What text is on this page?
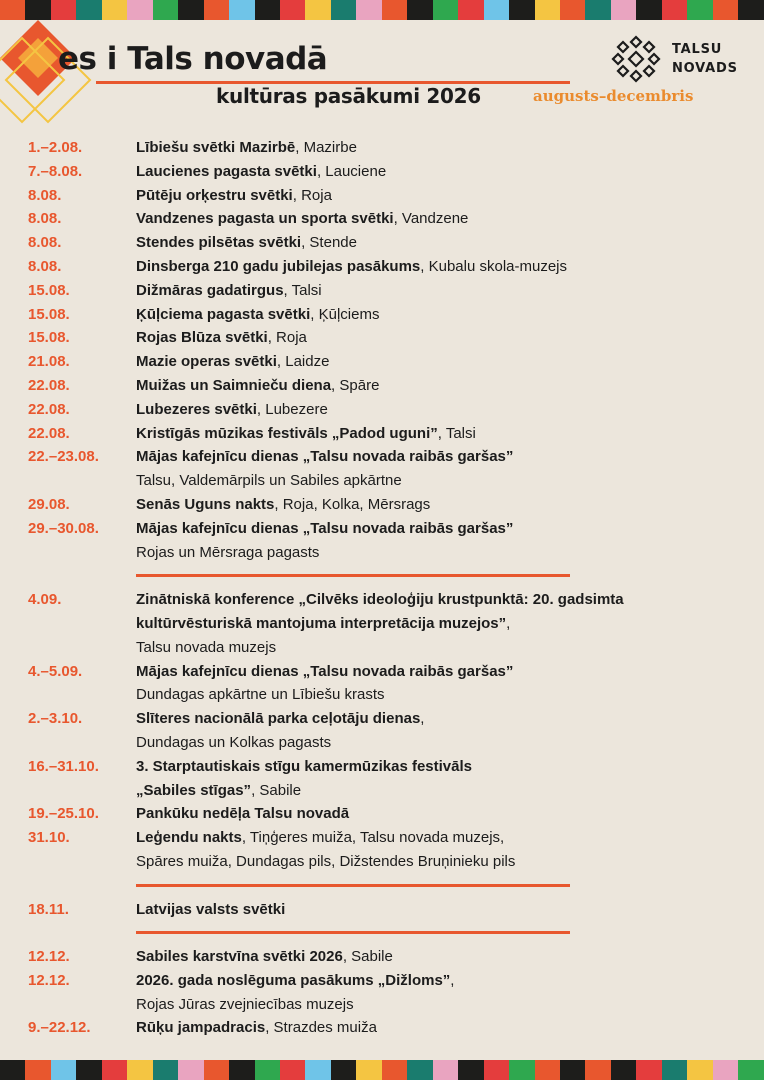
es i Tals novadā
kultūras pasākumi 2026	augusts–decembris
TALSU
NOVADS
1.–2.08.	Lībiešu svētki Mazirbē, Mazirbe
7.–8.08.	Laucienes pagasta svētki, Lauciene
8.08.	Pūtēju orķestru svētki, Roja
8.08.	Vandzenes pagasta un sporta svētki, Vandzene
8.08.	Stendes pilsētas svētki, Stende
8.08.	Dinsberga 210 gadu jubilejas pasākums, Kubalu skola-muzejs
15.08.	Dižmāras gadatirgus, Talsi
15.08.	Ķūļciema pagasta svētki, Ķūļciems
15.08.	Rojas Blūza svētki, Roja
21.08.	Mazie operas svētki, Laidze
22.08.	Muižas un Saimnieču diena, Spāre
22.08.	Lubezeres svētki, Lubezere
22.08.	Kristīgās mūzikas festivāls „Padod uguni”, Talsi
22.–23.08. Mājas kafejnīcu dienas „Talsu novada raibās garšas”
Talsu, Valdemārpils un Sabiles apkārtne
29.08.	Senās Uguns nakts, Roja, Kolka, Mērsrags
29.–30.08. Mājas kafejnīcu dienas „Talsu novada raibās garšas”
Rojas un Mērsraga pagasts
4.09.	Zinātniskā konference „Cilvēks ideoloģiju krustpunktā: 20. gadsimta
kultūrvēsturiskā mantojuma interpretācija muzejos”,
Talsu novada muzejs
4.–5.09.	Mājas kafejnīcu dienas „Talsu novada raibās garšas”
Dundagas apkārtne un Lībiešu krasts
2.–3.10.	Slīteres nacionālā parka ceļotāju dienas,
Dundagas un Kolkas pagasts
16.–31.10. 3. Starptautiskais stīgu kamermūzikas festivāls
„Sabiles stīgas”, Sabile
19.–25.10. Pankūku nedēļa Talsu novadā
31.10.	Leģendu nakts, Tiņģeres muiža, Talsu novada muzejs,
Spāres muiža, Dundagas pils, Dižstendes Bruņinieku pils
18.11.	Latvijas valsts svētki
12.12.	Sabiles karstvīna svētki 2026, Sabile
12.12.	2026. gada noslēguma pasākums „Dižloms”,
Rojas Jūras zvejniecības muzejs
9.–22.12.	Rūķu jampadracis, Strazdes muiža
